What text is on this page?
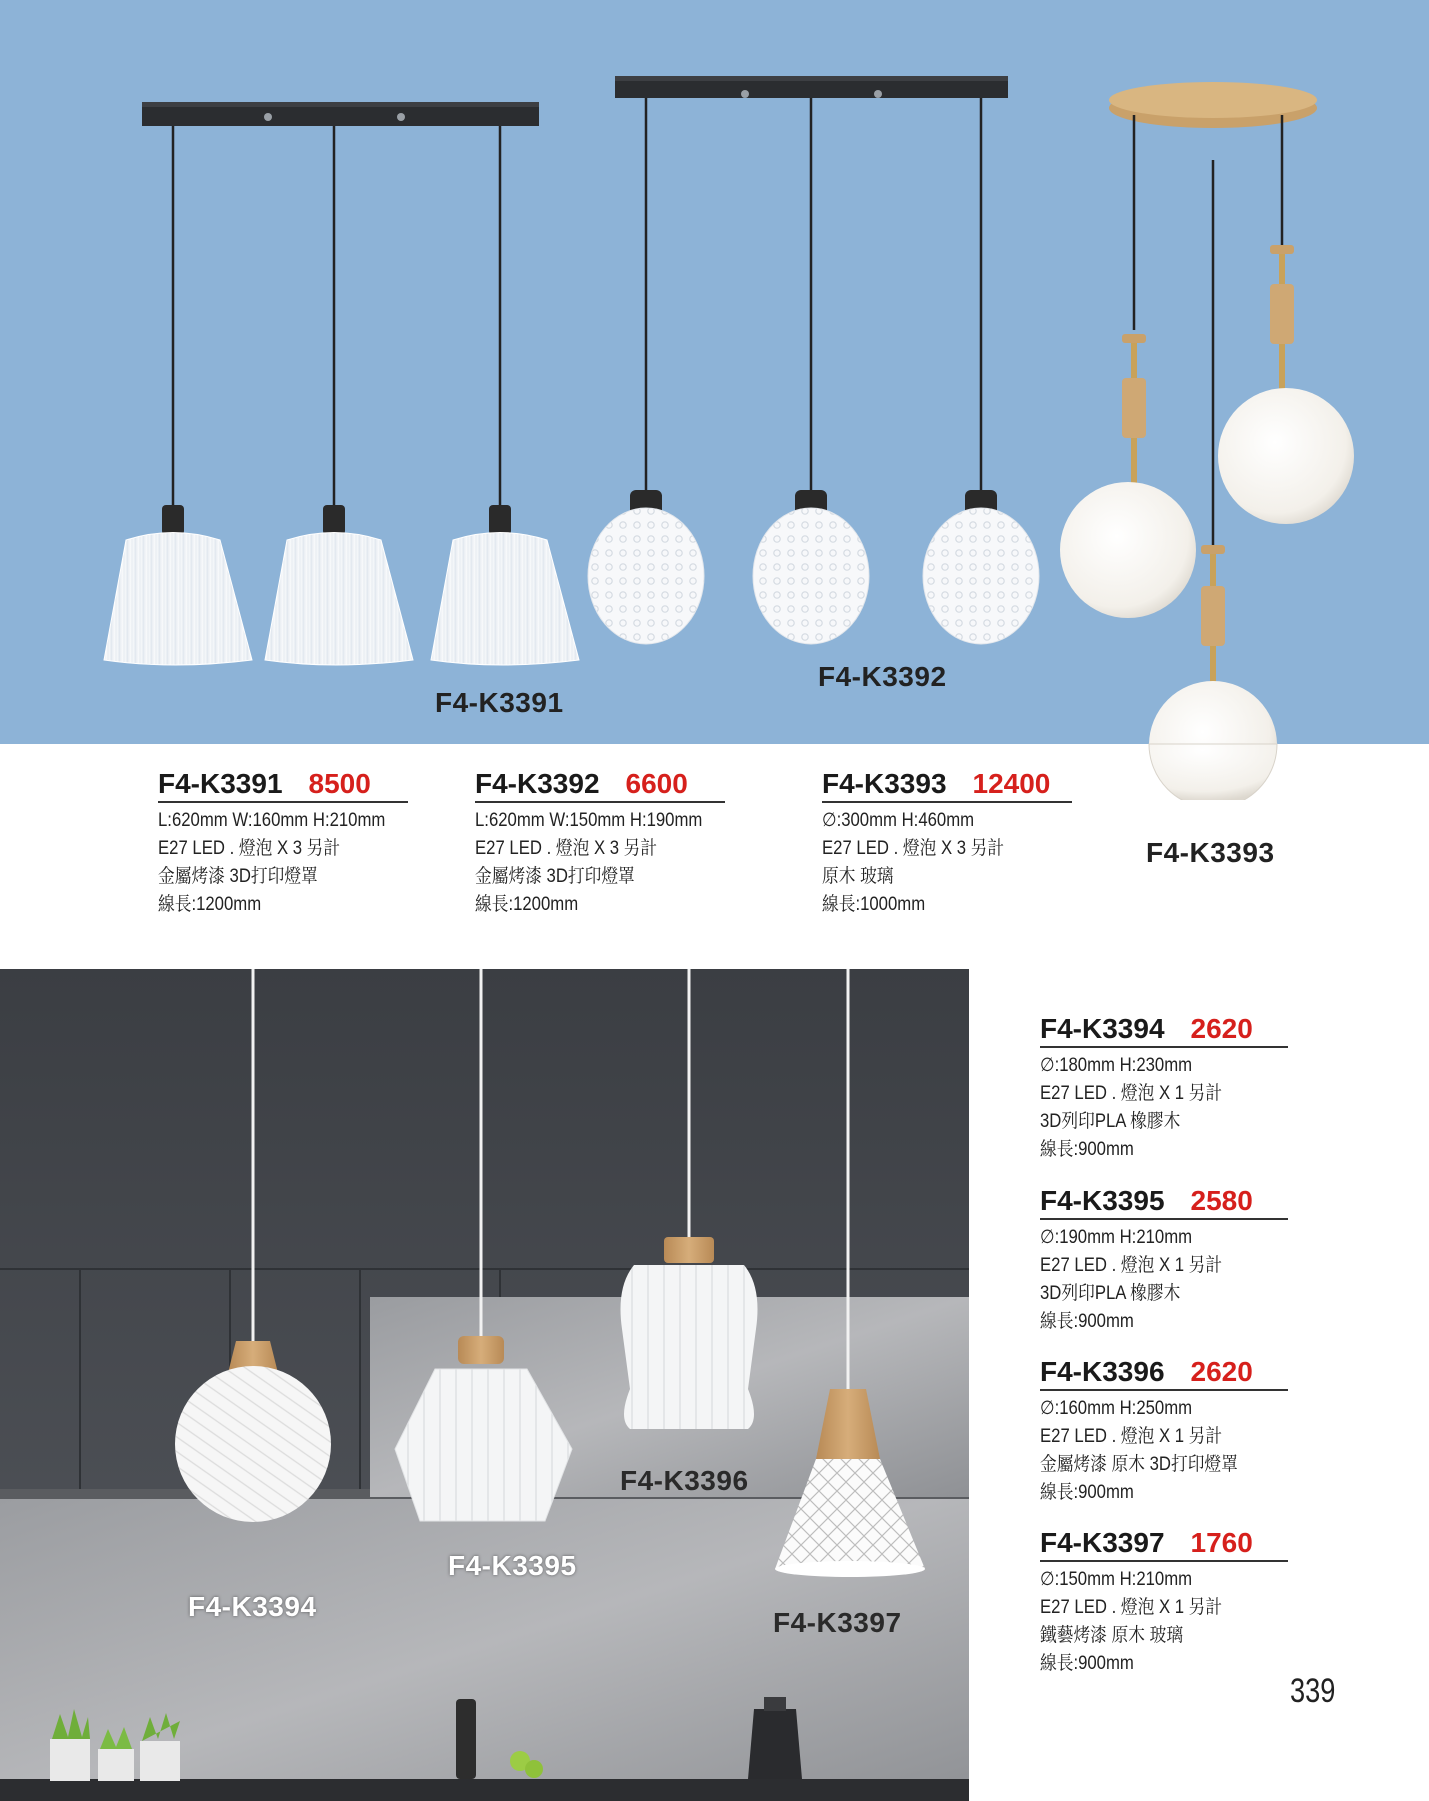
F4-K3391
F4-K3392
F4-K3393
F4-K3391 8500
L:620mm W:160mm H:210mm
E27 LED . 燈泡 X 3 另計
金屬烤漆 3D打印燈罩
線長:1200mm
F4-K3392 6600
L:620mm W:150mm H:190mm
E27 LED . 燈泡 X 3 另計
金屬烤漆 3D打印燈罩
線長:1200mm
F4-K3393 12400
∅:300mm H:460mm
E27 LED . 燈泡 X 3 另計
原木 玻璃
線長:1000mm
F4-K3394
F4-K3395
F4-K3396
F4-K3397
F4-K3394 2620
∅:180mm H:230mm
E27 LED . 燈泡 X 1 另計
3D列印PLA 橡膠木
線長:900mm
F4-K3395 2580
∅:190mm H:210mm
E27 LED . 燈泡 X 1 另計
3D列印PLA 橡膠木
線長:900mm
F4-K3396 2620
∅:160mm H:250mm
E27 LED . 燈泡 X 1 另計
金屬烤漆 原木 3D打印燈罩
線長:900mm
F4-K3397 1760
∅:150mm H:210mm
E27 LED . 燈泡 X 1 另計
鐵藝烤漆 原木 玻璃
線長:900mm
339
